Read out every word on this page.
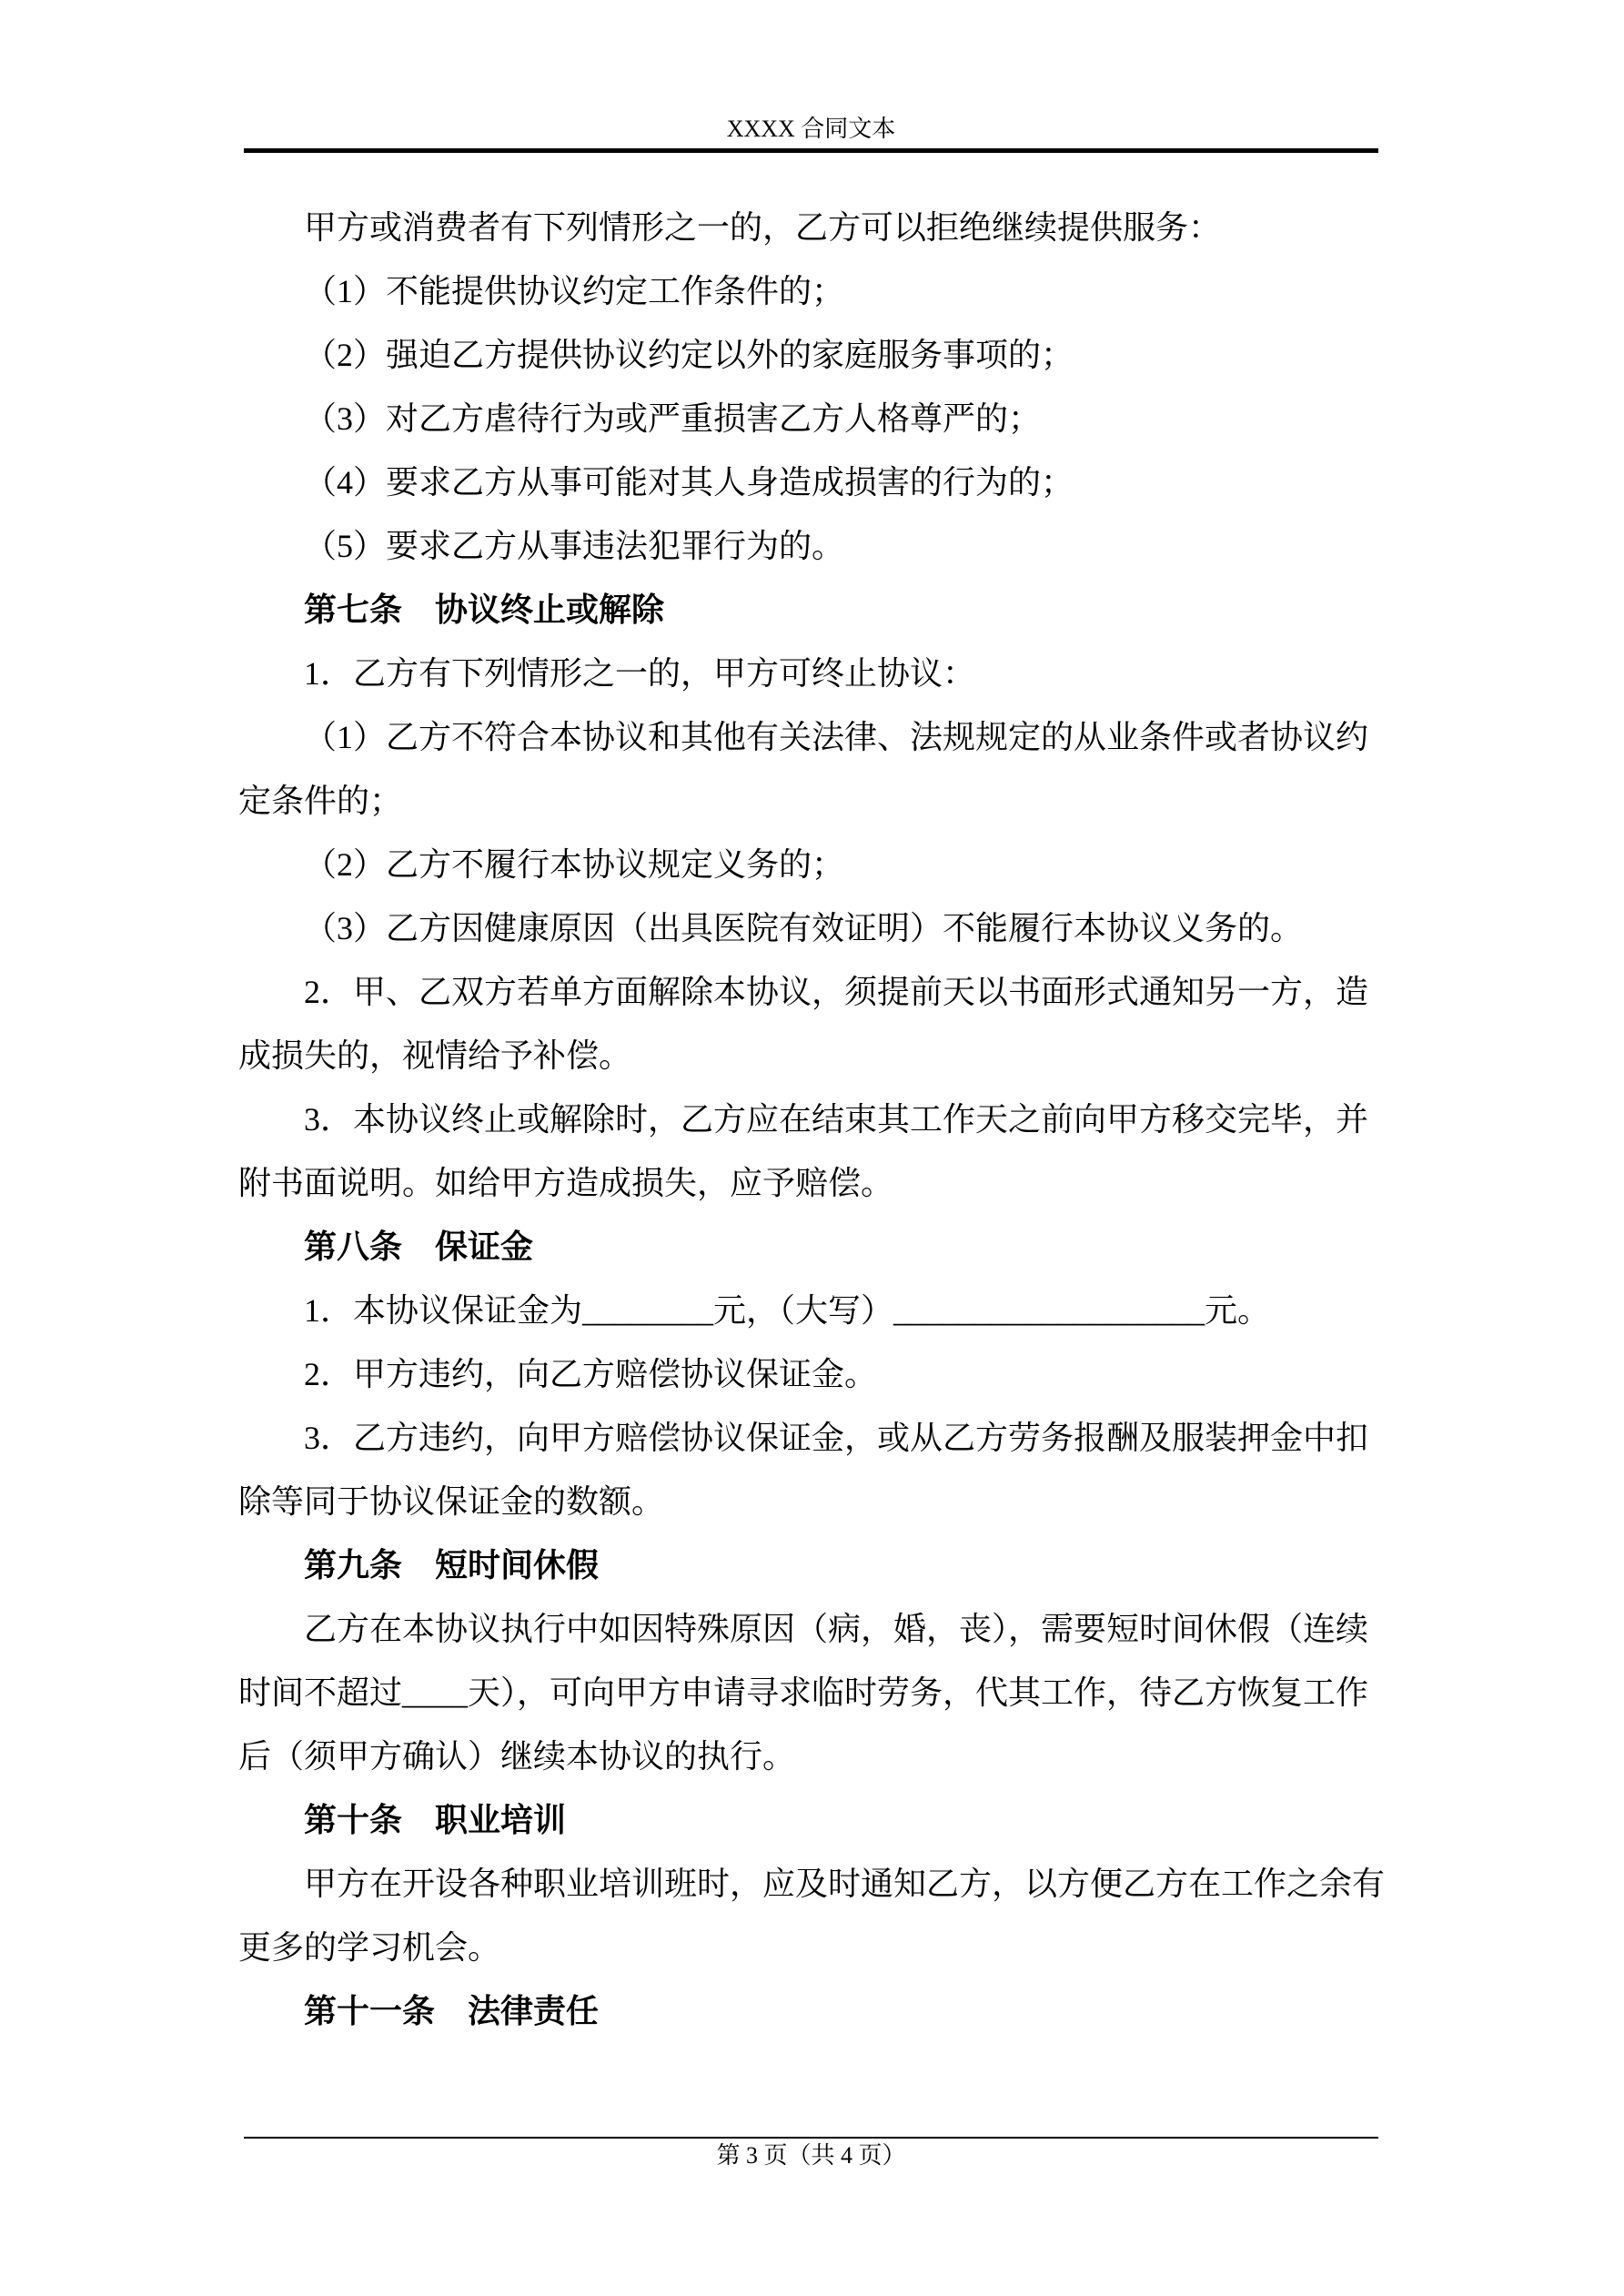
XXXX 合同文本

甲方或消费者有下列情形之一的，乙方可以拒绝继续提供服务：

（1）不能提供协议约定工作条件的；

（2）强迫乙方提供协议约定以外的家庭服务事项的；

（3）对乙方虐待行为或严重损害乙方人格尊严的；

（4）要求乙方从事可能对其人身造成损害的行为的；

（5）要求乙方从事违法犯罪行为的。

第七条　协议终止或解除

1．乙方有下列情形之一的，甲方可终止协议：

（1）乙方不符合本协议和其他有关法律、法规规定的从业条件或者协议约

定条件的；

（2）乙方不履行本协议规定义务的；

（3）乙方因健康原因（出具医院有效证明）不能履行本协议义务的。

2．甲、乙双方若单方面解除本协议，须提前天以书面形式通知另一方，造

成损失的，视情给予补偿。

3．本协议终止或解除时，乙方应在结束其工作天之前向甲方移交完毕，并

附书面说明。如给甲方造成损失，应予赔偿。

第八条　保证金

1．本协议保证金为________元，（大写）___________________元。

2．甲方违约，向乙方赔偿协议保证金。

3．乙方违约，向甲方赔偿协议保证金，或从乙方劳务报酬及服装押金中扣

除等同于协议保证金的数额。

第九条　短时间休假

乙方在本协议执行中如因特殊原因（病，婚，丧），需要短时间休假（连续

时间不超过____天），可向甲方申请寻求临时劳务，代其工作，待乙方恢复工作

后（须甲方确认）继续本协议的执行。

第十条　职业培训

甲方在开设各种职业培训班时，应及时通知乙方，以方便乙方在工作之余有

更多的学习机会。

第十一条　法律责任

第 3 页（共 4 页）
